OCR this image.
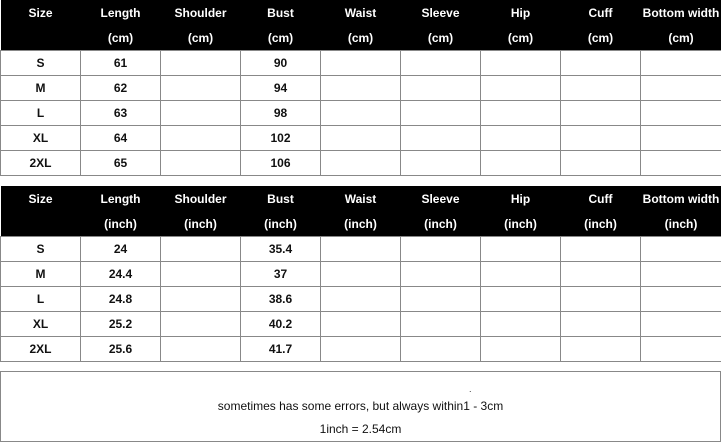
Size	Length	Shoulder	Bust	Waist	Sleeve	Hip	Cuff	Bottom width
	(cm)	(cm)	(cm)	(cm)	(cm)	(cm)	(cm)	(cm)
S	61		90					
M	62		94					
L	63		98					
XL	64		102					
2XL	65		106					
Size	Length	Shoulder	Bust	Waist	Sleeve	Hip	Cuff	Bottom width
	(inch)	(inch)	(inch)	(inch)	(inch)	(inch)	(inch)	(inch)
S	24		35.4					
M	24.4		37					
L	24.8		38.6					
XL	25.2		40.2					
2XL	25.6		41.7					
.
sometimes has some errors, but always within1 - 3cm
1inch = 2.54cm
